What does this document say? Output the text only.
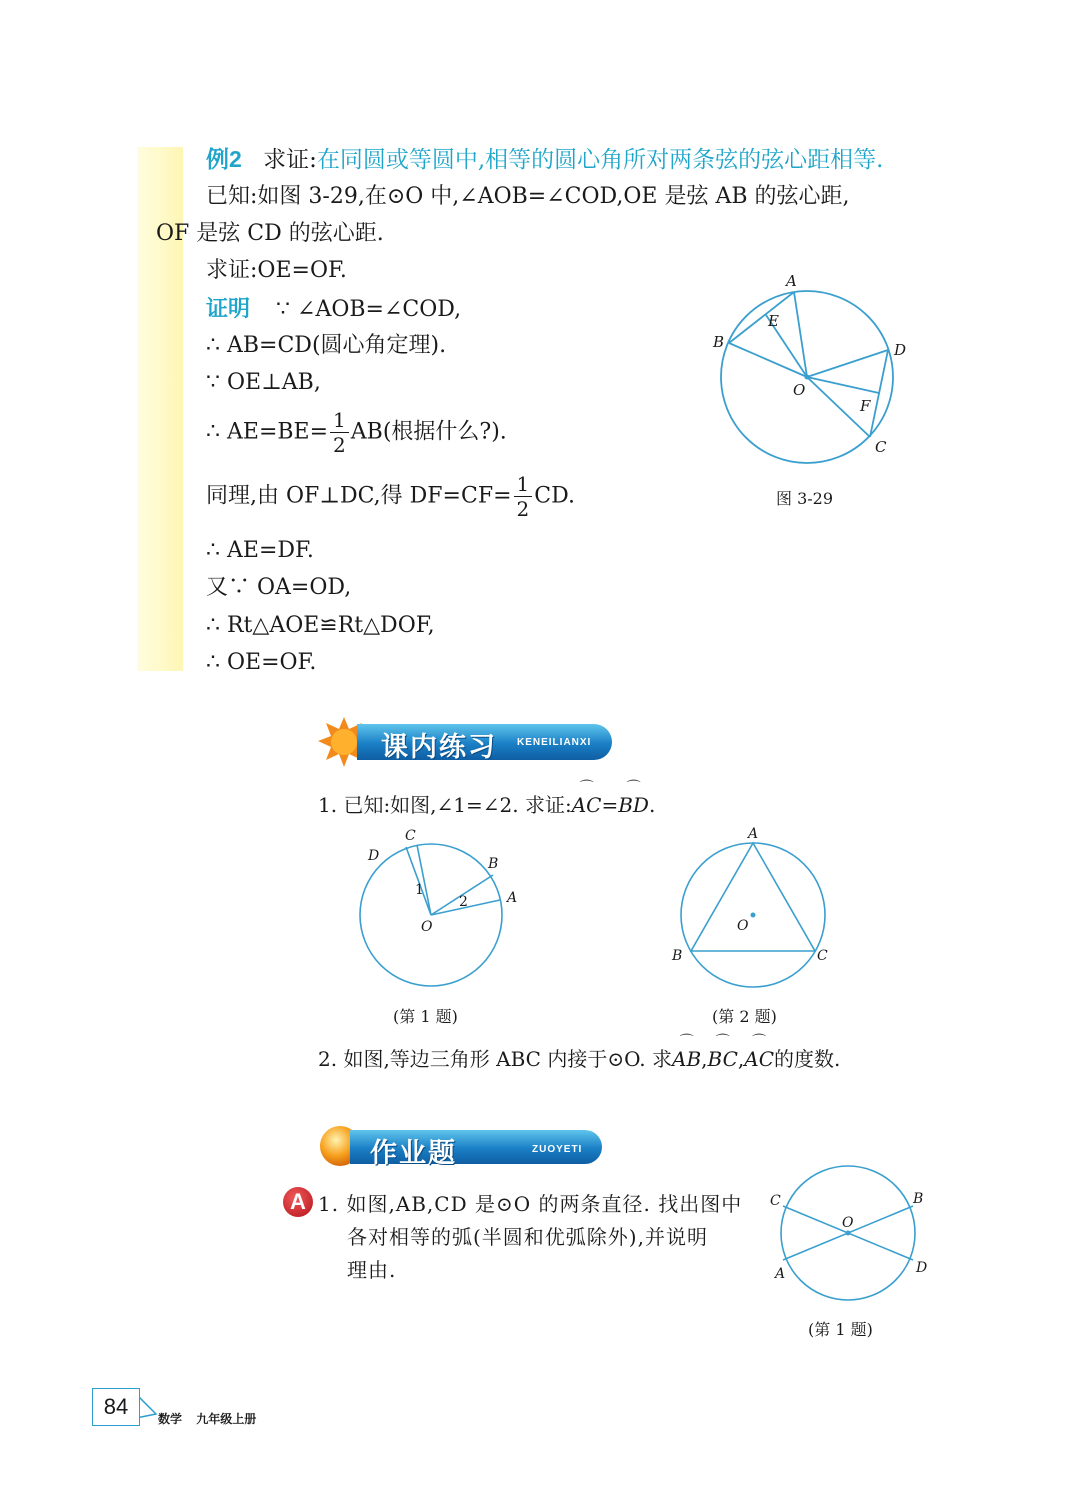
例2 求证:在同圆或等圆中,相等的圆心角所对两条弦的弦心距相等.
已知:如图 3-29,在⊙O 中,∠AOB=∠COD,OE 是弦 AB 的弦心距,
OF 是弦 CD 的弦心距.
求证:OE=OF.
证明 ∵ ∠AOB=∠COD,
∴ AB=CD(圆心角定理).
∵ OE⊥AB,
∴ $AE=BE= \frac{1}{2} AB$(根据什么?).
同理,由 OF⊥DC,得 $DF=CF= \frac{1}{2}$ CD.
∴ AE=DF.
又∵ OA=OD,
∴ Rt△AOE≌Rt△DOF,
∴ OE=OF.
A
B
C
D
E
F
O
图 3-29
课内练习 KENEILIANXI
1. 已知:如图,∠1=∠2. 求证:⌒ AC=⌒ BD.
C
D	B
A
O
1
2
(第 1 题)
A
B	C
O
(第 2 题)
2. 如图,等边三角形 ABC 内接于⊙O. 求⌒ AB,⌒ BC,⌒ AC的度数.
作业题	ZUOYETI
A 1. 如图,AB,CD 是⊙O 的两条直径. 找出图中
各对相等的弧(半圆和优弧除外),并说明
理由.
C	B
A	D
O
(第 1 题)
84	数学 九年级上册
